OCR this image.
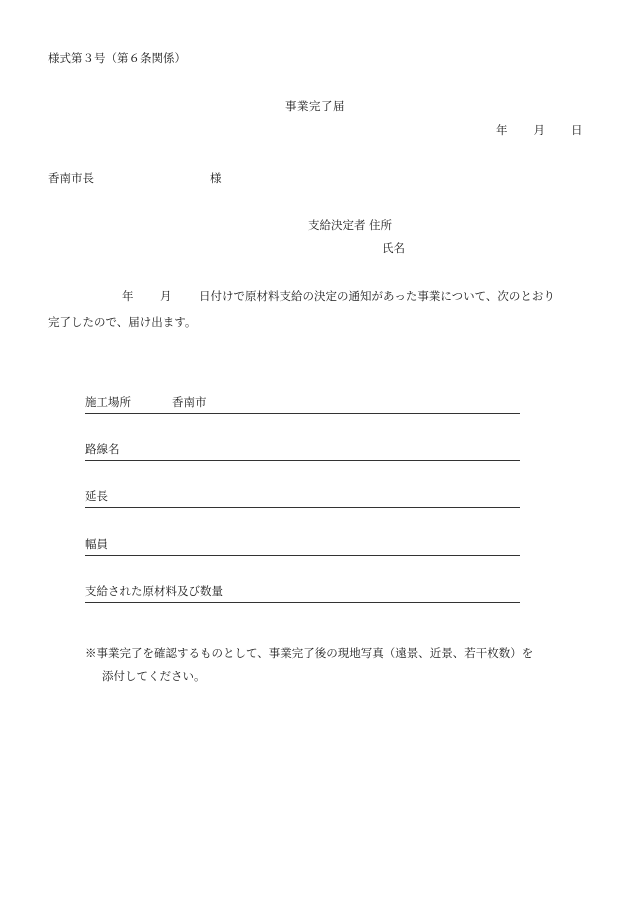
様式第３号（第６条関係）
事業完了届
年 月 日
香南市長	様
支給決定者 住所
氏名
年 月 日付けで原材料支給の決定の通知があった事業について、次のとおり
完了したので、届け出ます。
施工場所	香南市
路線名
延長
幅員
支給された原材料及び数量
※事業完了を確認するものとして、事業完了後の現地写真（遠景、近景、若干枚数）を
添付してください。
